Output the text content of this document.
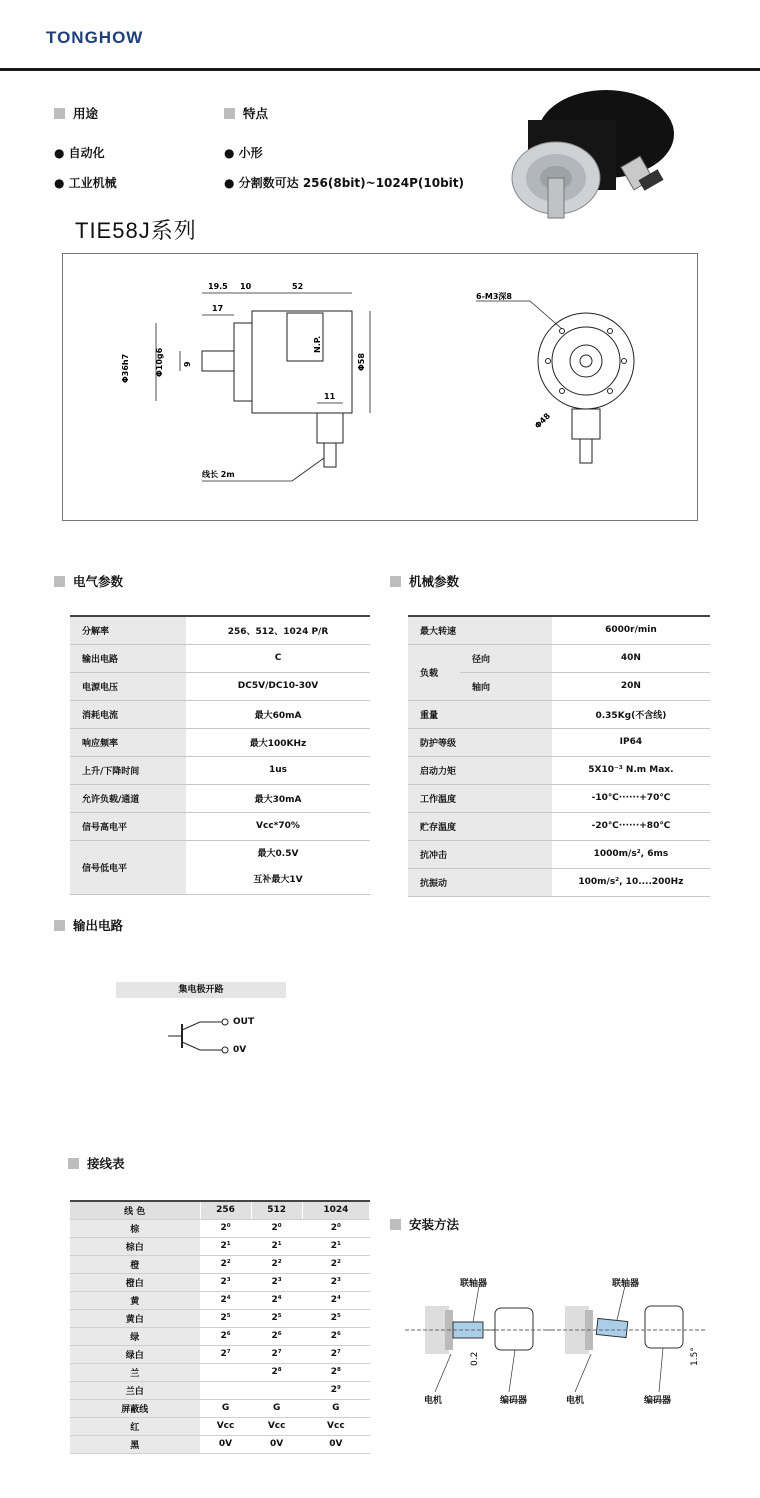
TONGHOW
用途	特点
● 自动化
● 工业机械
● 小形
● 分割数可达 256(8bit)~1024P(10bit)
TIE58J系列
19.5 10	52
17
Φ36h7	Φ10g6 9
N.P.
Φ58
11
线长 2m
6-M3深8
Φ48
电气参数
分解率	256、512、1024 P/R
输出电路	C
电源电压	DC5V/DC10-30V
消耗电流	最大60mA
响应频率	最大100KHz
上升/下降时间	1us
允许负载/通道	最大30mA
信号高电平	Vcc*70%
信号低电平	最大0.5V
互补最大1V
机械参数
最大转速		6000r/min
负载	径向	40N
	轴向	20N
重量		0.35Kg(不含线)
防护等级		IP64
启动力矩		5X10⁻³ N.m Max.
工作温度		-10℃······+70℃
贮存温度		-20℃······+80℃
抗冲击		1000m/s², 6ms
抗振动		100m/s², 10....200Hz
输出电路
集电极开路
OUT
0V
接线表
线 色	256	512	1024
棕	2⁰	2⁰	2⁰
棕白	2¹	2¹	2¹
橙	2²	2²	2²
橙白	2³	2³	2³
黄	2⁴	2⁴	2⁴
黄白	2⁵	2⁵	2⁵
绿	2⁶	2⁶	2⁶
绿白	2⁷	2⁷	2⁷
兰		2⁸	2⁸
兰白			2⁹
屏蔽线	G	G	G
红	Vcc	Vcc	Vcc
黑	0V	0V	0V
安装方法
0.2	1.5°
联轴器	联轴器
电机	编码器	电机	编码器
